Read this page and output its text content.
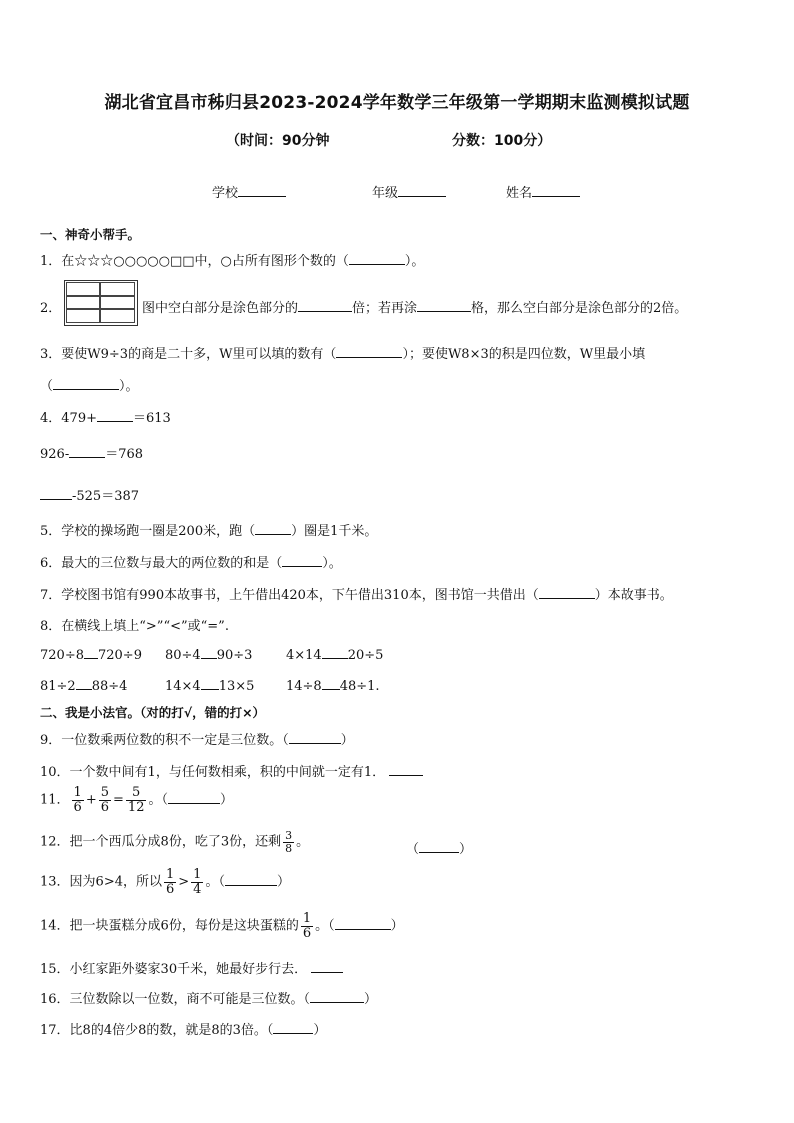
湖北省宜昌市秭归县2023-2024学年数学三年级第一学期期末监测模拟试题
（时间：90分钟	分数：100分）
学校	年级	姓名
一、神奇小帮手。
1．在☆☆☆○○○○○□□中，○占所有图形个数的（	）。
2．	图中空白部分是涂色部分的	倍；若再涂	格，那么空白部分是涂色部分的2倍。
3．要使W9÷3的商是二十多，W里可以填的数有（	）；要使W8×3的积是四位数，W里最小填
（	）。
4．479+	＝613
926-	＝768
-525＝387
5．学校的操场跑一圈是200米，跑（	）圈是1千米。
6．最大的三位数与最大的两位数的和是（	）。
7．学校图书馆有990本故事书，上午借出420本，下午借出310本，图书馆一共借出（	）本故事书。
8．在横线上填上“>”“<”或“=”.
720÷8 720÷9 80÷4 90÷3	4×14 20÷5
81÷2 88÷4	14×4 13×5 14÷8 48÷1.
二、我是小法官。（对的打√，错的打×）
9．一位数乘两位数的积不一定是三位数。（	）
10．一个数中间有1，与任何数相乘，积的中间就一定有1．
11． $\frac{1}{6} + \frac{5}{6} = \frac{5}{12}$ 。（	）
12．把一个西瓜分成8份，吃了3份，还剩 $\frac{3}{8}$ 。	（	）
13．因为6>4，所以 $\frac{1}{6} > \frac{1}{4}$ 。（	）
14．把一块蛋糕分成6份，每份是这块蛋糕的 $\frac{1}{6}$ 。（	）
15．小红家距外婆家30千米，她最好步行去．
16．三位数除以一位数，商不可能是三位数。（	）
17．比8的4倍少8的数，就是8的3倍。（	）
